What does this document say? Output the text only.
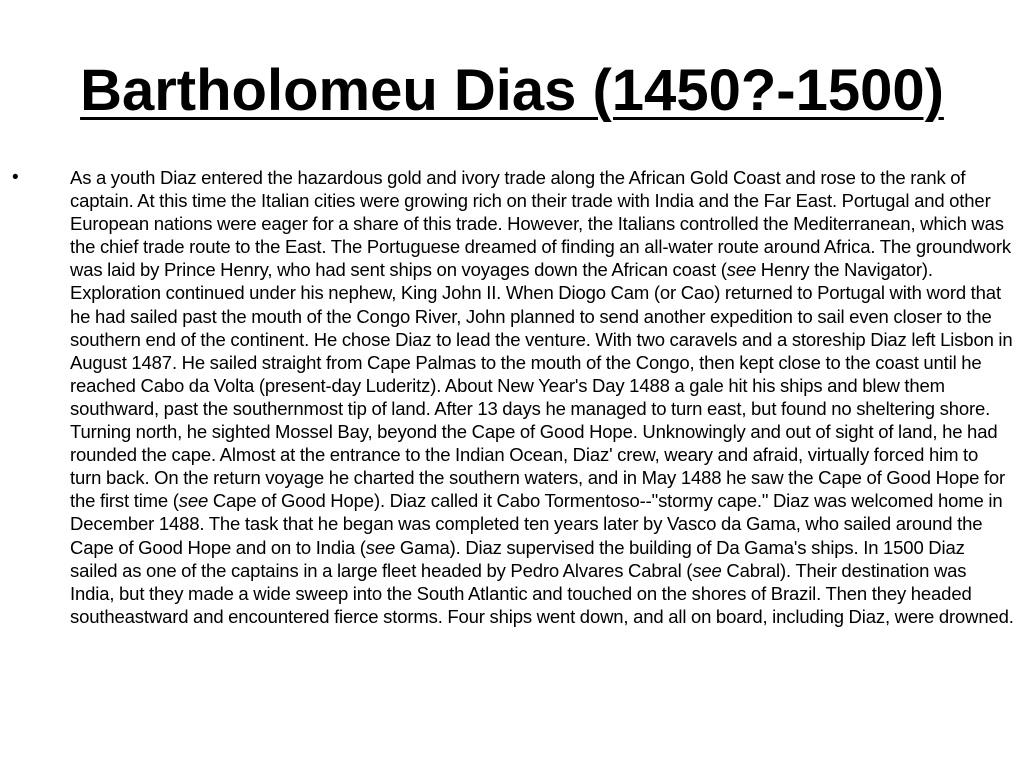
Bartholomeu Dias (1450?-1500)
•	As a youth Diaz entered the hazardous gold and ivory trade along the African Gold Coast and rose to the rank of captain. At this time the Italian cities were growing rich on their trade with India and the Far East. Portugal and other European nations were eager for a share of this trade. However, the Italians controlled the Mediterranean, which was the chief trade route to the East. The Portuguese dreamed of finding an all-water route around Africa. The groundwork was laid by Prince Henry, who had sent ships on voyages down the African coast (see Henry the Navigator). Exploration continued under his nephew, King John II. When Diogo Cam (or Cao) returned to Portugal with word that he had sailed past the mouth of the Congo River, John planned to send another expedition to sail even closer to the southern end of the continent. He chose Diaz to lead the venture. With two caravels and a storeship Diaz left Lisbon in August 1487. He sailed straight from Cape Palmas to the mouth of the Congo, then kept close to the coast until he reached Cabo da Volta (present-day Luderitz). About New Year's Day 1488 a gale hit his ships and blew them southward, past the southernmost tip of land. After 13 days he managed to turn east, but found no sheltering shore. Turning north, he sighted Mossel Bay, beyond the Cape of Good Hope. Unknowingly and out of sight of land, he had rounded the cape. Almost at the entrance to the Indian Ocean, Diaz' crew, weary and afraid, virtually forced him to turn back. On the return voyage he charted the southern waters, and in May 1488 he saw the Cape of Good Hope for the first time (see Cape of Good Hope). Diaz called it Cabo Tormentoso--"stormy cape." Diaz was welcomed home in December 1488. The task that he began was completed ten years later by Vasco da Gama, who sailed around the Cape of Good Hope and on to India (see Gama). Diaz supervised the building of Da Gama's ships. In 1500 Diaz sailed as one of the captains in a large fleet headed by Pedro Alvares Cabral (see Cabral). Their destination was India, but they made a wide sweep into the South Atlantic and touched on the shores of Brazil. Then they headed southeastward and encountered fierce storms. Four ships went down, and all on board, including Diaz, were drowned.
